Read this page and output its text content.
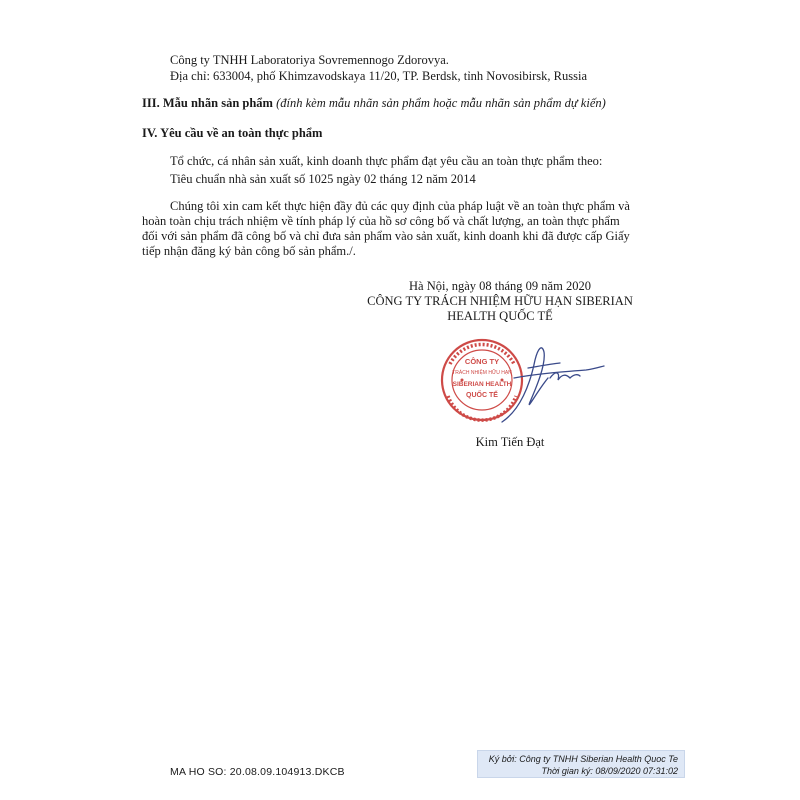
Công ty TNHH Laboratoriya Sovremennogo Zdorovya.
Địa chỉ: 633004, phố Khimzavodskaya 11/20, TP. Berdsk, tỉnh Novosibirsk, Russia
III. Mẫu nhãn sản phẩm (đính kèm mẫu nhãn sản phẩm hoặc mẫu nhãn sản phẩm dự kiến)
IV. Yêu cầu về an toàn thực phẩm
Tổ chức, cá nhân sản xuất, kinh doanh thực phẩm đạt yêu cầu an toàn thực phẩm theo:
Tiêu chuẩn nhà sản xuất số 1025 ngày 02 tháng 12 năm 2014
Chúng tôi xin cam kết thực hiện đầy đủ các quy định của pháp luật về an toàn thực phẩm và
hoàn toàn chịu trách nhiệm về tính pháp lý của hồ sơ công bố và chất lượng, an toàn thực phẩm
đối với sản phẩm đã công bố và chỉ đưa sản phẩm vào sản xuất, kinh doanh khi đã được cấp Giấy
tiếp nhận đăng ký bản công bố sản phẩm./.
Hà Nội, ngày 08 tháng 09 năm 2020
CÔNG TY TRÁCH NHIỆM HỮU HẠN SIBERIAN
HEALTH QUỐC TẾ
CÔNG TY
TRÁCH NHIỆM HỮU HẠN
SIBERIAN HEALTH
QUỐC TẾ
Kim Tiến Đạt
MA HO SO: 20.08.09.104913.DKCB
Ký bởi: Công ty TNHH Siberian Health Quoc Te
Thời gian ký: 08/09/2020 07:31:02
